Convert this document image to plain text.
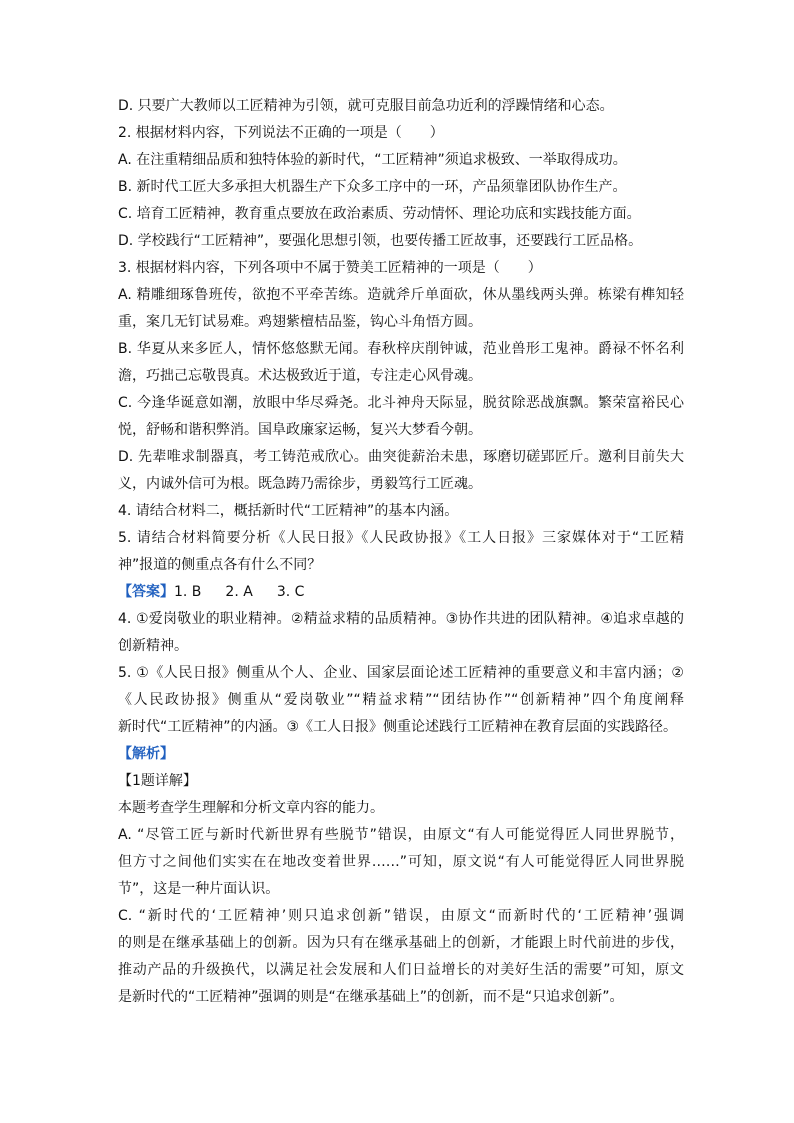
D. 只要广大教师以工匠精神为引领，就可克服目前急功近利的浮躁情绪和心态。
2. 根据材料内容，下列说法不正确的一项是（　　）
A. 在注重精细品质和独特体验的新时代，“工匠精神”须追求极致、一举取得成功。
B. 新时代工匠大多承担大机器生产下众多工序中的一环，产品须靠团队协作生产。
C. 培育工匠精神，教育重点要放在政治素质、劳动情怀、理论功底和实践技能方面。
D. 学校践行“工匠精神”，要强化思想引领，也要传播工匠故事，还要践行工匠品格。
3. 根据材料内容，下列各项中不属于赞美工匠精神的一项是（　　）
A. 精雕细琢鲁班传，欲抱不平牵苦练。造就斧斤单面砍，休从墨线两头弹。栋梁有榫知轻
重，案几无钉试易难。鸡翅紫檀桔品鉴，钩心斗角悟方圆。
B. 华夏从来多匠人，情怀悠悠默无闻。春秋梓庆削钟诚，范业兽形工鬼神。爵禄不怀名利
澹，巧拙己忘敬畏真。术达极致近于道，专注走心风骨魂。
C. 今逢华诞意如潮，放眼中华尽舜尧。北斗神舟天际显，脱贫除恶战旗飘。繁荣富裕民心
悦，舒畅和谐积弊消。国阜政廉家运畅，复兴大梦看今朝。
D. 先辈唯求制器真，考工铸范戒欣心。曲突徙薪治未患，琢磨切磋郢匠斤。邀利目前失大
义，内诚外信可为根。既急踌乃需徐步，勇毅笃行工匠魂。
4. 请结合材料二，概括新时代“工匠精神”的基本内涵。
5. 请结合材料简要分析《人民日报》《人民政协报》《工人日报》三家媒体对于“工匠精
神”报道的侧重点各有什么不同？
【答案】1. B 2. A 3. C
4. ①爱岗敬业的职业精神。②精益求精的品质精神。③协作共进的团队精神。④追求卓越的
创新精神。
5. ①《人民日报》侧重从个人、企业、国家层面论述工匠精神的重要意义和丰富内涵；②
《人民政协报》侧重从“爱岗敬业”“精益求精”“团结协作”“创新精神”四个角度阐释
新时代“工匠精神”的内涵。③《工人日报》侧重论述践行工匠精神在教育层面的实践路径。
【解析】
【1题详解】
本题考查学生理解和分析文章内容的能力。
A. “尽管工匠与新时代新世界有些脱节”错误，由原文“有人可能觉得匠人同世界脱节，
但方寸之间他们实实在在地改变着世界……”可知，原文说“有人可能觉得匠人同世界脱
节”，这是一种片面认识。
C. “新时代的‘工匠精神’则只追求创新”错误，由原文“而新时代的‘工匠精神’强调
的则是在继承基础上的创新。因为只有在继承基础上的创新，才能跟上时代前进的步伐，
推动产品的升级换代，以满足社会发展和人们日益增长的对美好生活的需要”可知，原文
是新时代的“工匠精神”强调的则是“在继承基础上”的创新，而不是“只追求创新”。
